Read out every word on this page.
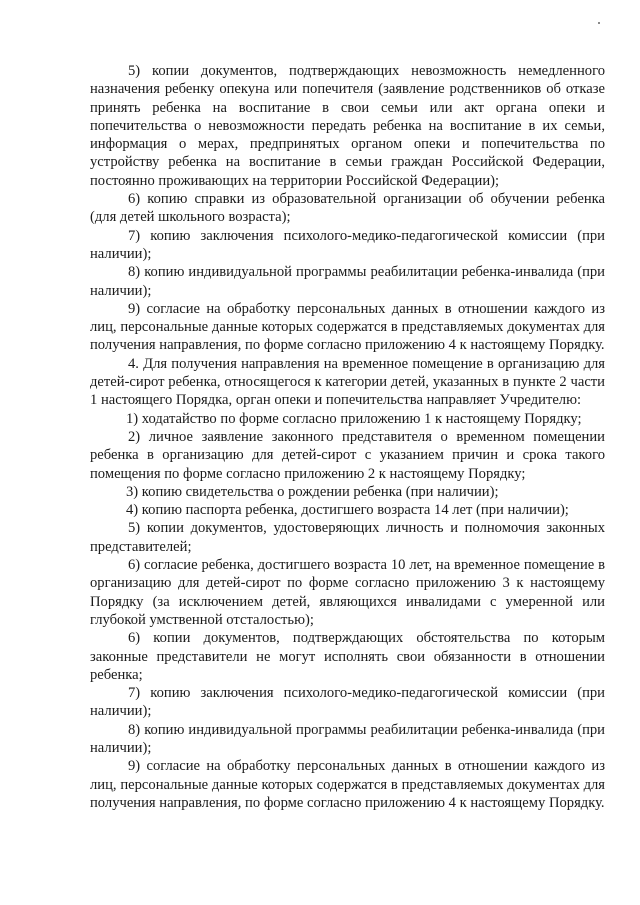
5) копии документов, подтверждающих невозможность немедленного назначения ребенку опекуна или попечителя (заявление родственников об отказе принять ребенка на воспитание в свои семьи или акт органа опеки и попечительства о невозможности передать ребенка на воспитание в их семьи, информация о мерах, предпринятых органом опеки и попечительства по устройству ребенка на воспитание в семьи граждан Российской Федерации, постоянно проживающих на территории Российской Федерации);

6) копию справки из образовательной организации об обучении ребенка (для детей школьного возраста);

7) копию заключения психолого-медико-педагогической комиссии (при наличии);

8) копию индивидуальной программы реабилитации ребенка-инвалида (при наличии);

9) согласие на обработку персональных данных в отношении каждого из лиц, персональные данные которых содержатся в представляемых документах для получения направления, по форме согласно приложению 4 к настоящему Порядку.

4. Для получения направления на временное помещение в организацию для детей-сирот ребенка, относящегося к категории детей, указанных в пункте 2 части 1 настоящего Порядка, орган опеки и попечительства направляет Учредителю:

1) ходатайство по форме согласно приложению 1 к настоящему Порядку;

2) личное заявление законного представителя о временном помещении ребенка в организацию для детей-сирот с указанием причин и срока такого помещения по форме согласно приложению 2 к настоящему Порядку;

3) копию свидетельства о рождении ребенка (при наличии);

4) копию паспорта ребенка, достигшего возраста 14 лет (при наличии);

5) копии документов, удостоверяющих личность и полномочия законных представителей;

6) согласие ребенка, достигшего возраста 10 лет, на временное помещение в организацию для детей-сирот по форме согласно приложению 3 к настоящему Порядку (за исключением детей, являющихся инвалидами с умеренной или глубокой умственной отсталостью);

6) копии документов, подтверждающих обстоятельства по которым законные представители не могут исполнять свои обязанности в отношении ребенка;

7) копию заключения психолого-медико-педагогической комиссии (при наличии);

8) копию индивидуальной программы реабилитации ребенка-инвалида (при наличии);

9) согласие на обработку персональных данных в отношении каждого из лиц, персональные данные которых содержатся в представляемых документах для получения направления, по форме согласно приложению 4 к настоящему Порядку.
